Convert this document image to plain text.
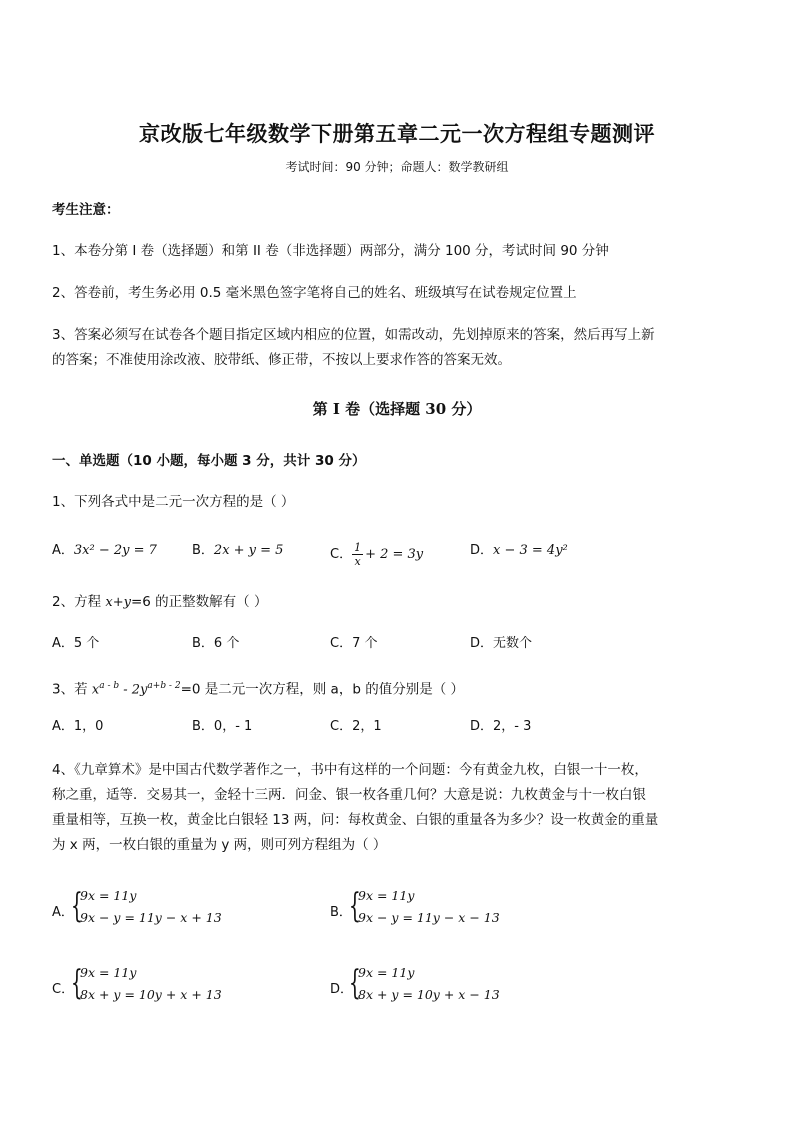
京改版七年级数学下册第五章二元一次方程组专题测评
考试时间：90 分钟；命题人：数学教研组
考生注意：
1、本卷分第 I 卷（选择题）和第 II 卷（非选择题）两部分，满分 100 分，考试时间 90 分钟
2、答卷前，考生务必用 0.5 毫米黑色签字笔将自己的姓名、班级填写在试卷规定位置上
3、答案必须写在试卷各个题目指定区域内相应的位置，如需改动，先划掉原来的答案，然后再写上新
的答案；不准使用涂改液、胶带纸、修正带，不按以上要求作答的答案无效。
第 I 卷（选择题 30 分）
一、单选题（10 小题，每小题 3 分，共计 30 分）
1、下列各式中是二元一次方程的是（ ）
A．3x² − 2y = 7	B．2x + y = 5	C． $\frac{1}{x} + 2 = 3y$	D．x − 3 = 4y²
2、方程 x+y=6 的正整数解有（ ）
A．5 个	B．6 个	C．7 个	D．无数个
3、若 $x^{a - b} - 2y^{a+b - 2}=0$ 是二元一次方程，则 a，b 的值分别是（ ）
A．1，0	B．0，- 1	C．2，1	D．2，- 3
4、《九章算术》是中国古代数学著作之一，书中有这样的一个问题：今有黄金九枚，白银一十一枚，
称之重，适等．交易其一，金轻十三两．问金、银一枚各重几何？大意是说：九枚黄金与十一枚白银
重量相等，互换一枚，黄金比白银轻 13 两，问：每枚黄金、白银的重量各为多少？设一枚黄金的重量
为 x 两，一枚白银的重量为 y 两，则可列方程组为（ ）
A．
{
9x = 11y
9x − y = 11y − x + 13	B．
{
9x = 11y
9x − y = 11y − x − 13
C．
{
9x = 11y
8x + y = 10y + x + 13	D．
{
9x = 11y
8x + y = 10y + x − 13
